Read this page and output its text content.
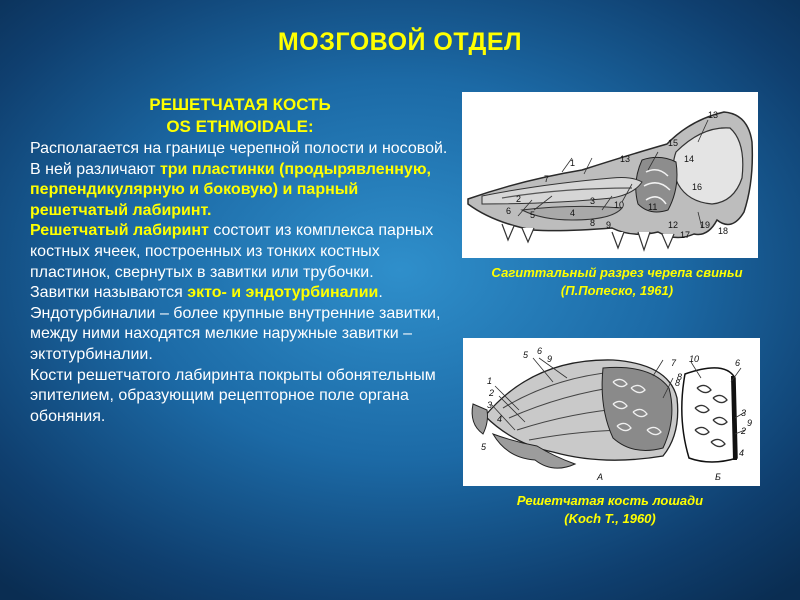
МОЗГОВОЙ ОТДЕЛ
РЕШЕТЧАТАЯ КОСТЬ
OS ETHMOIDALE:

Располагается на границе черепной полости и носовой.

В ней различают три пластинки (продырявленную, перпендикулярную и боковую) и парный решетчатый лабиринт.

Решетчатый лабиринт состоит из комплекса парных костных ячеек, построенных из тонких костных пластинок, свернутых в завитки или трубочки.

Завитки называются экто- и эндотурбиналии. Эндотурбиналии – более крупные внутренние завитки, между ними находятся мелкие наружные завитки – эктотурбиналии.

Кости решетчатого лабиринта покрыты обонятельным эпителием, образующим рецепторное поле органа обоняния.

13
7
1	13
15
14
16
3
4
10	11
5
6
2
8 9	12 19
18
17
Сагиттальный разрез черепа свиньи
(П.Попеско, 1961)
5 6
9
1
2
3
4
5
7
8
А
10	6
8
3
2
4
9
Б
Решетчатая кость лошади
(Koch T., 1960)
